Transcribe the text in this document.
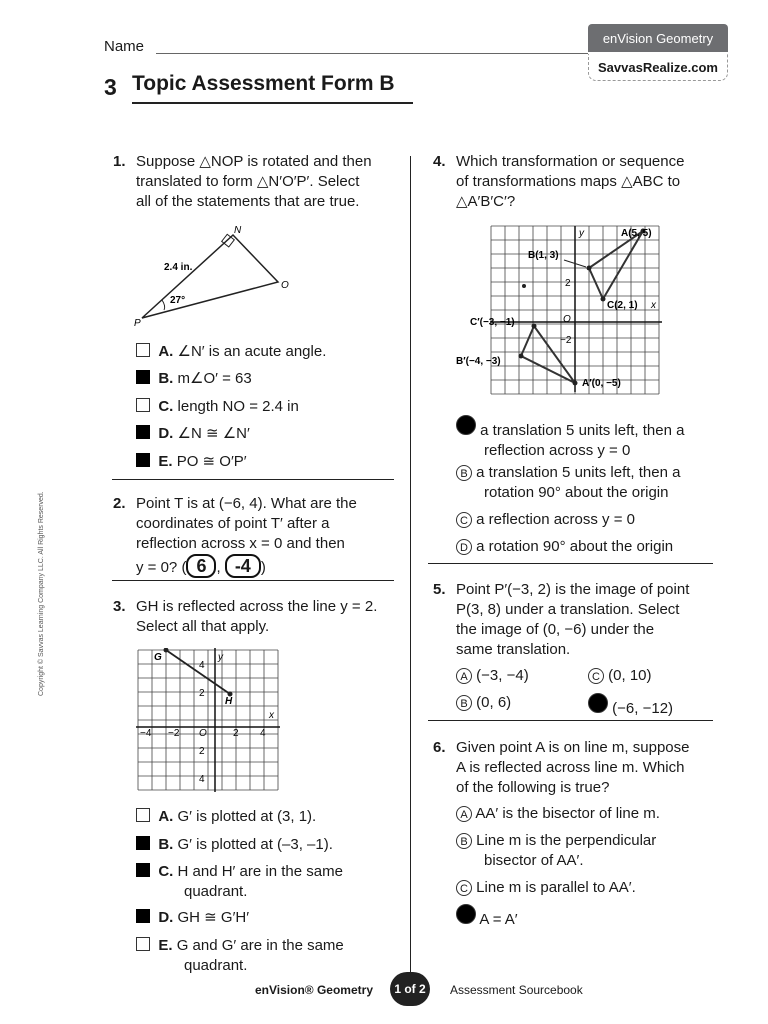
Name	enVision Geometry
SavvasRealize.com
3 Topic Assessment Form B
1. Suppose △NOP is rotated and then
translated to form △N′O′P′. Select
all of the statements that are true.
N
O
P
2.4 in.
27°
A. ∠N′ is an acute angle.
B. m∠O′ = 63
C. length NO = 2.4 in
D. ∠N ≅ ∠N′
E. PO ≅ O′P′
2. Point T is at (−6, 4). What are the
coordinates of point T′ after a
reflection across x = 0 and then
y = 0? ( 6 , -4 )
3. GH is reflected across the line y = 2.
Select all that apply.
G
H
x
y
O
−4 −2	2 4
4
2
2
4
A. G′ is plotted at (3, 1).
B. G′ is plotted at (–3, –1).
C. H and H′ are in the same
quadrant.
D. GH ≅ G′H′
E. G and G′ are in the same
quadrant.
4. Which transformation or sequence
of transformations maps △ABC to
△A′B′C′?
A(5, 5)
B(1, 3)
C(2, 1)
A′(0, −5)
B′(−4, −3)
C′(−3, −1)
x
y
O
2
−2
a translation 5 units left, then a
reflection across y = 0
B a translation 5 units left, then a
rotation 90° about the origin
C a reflection across y = 0
D a rotation 90° about the origin
5. Point P′(−3, 2) is the image of point
P(3, 8) under a translation. Select
the image of (0, −6) under the
same translation.
A (−3, −4)	C (0, 10)
B (0, 6)	(−6, −12)
6. Given point A is on line m, suppose
A is reflected across line m. Which
of the following is true?
A AA′ is the bisector of line m.
B Line m is the perpendicular
bisector of AA′.
C Line m is parallel to AA′.
A = A′
Copyright © Savvas Learning Company LLC. All Rights Reserved.
enVision® Geometry	1 of 2	Assessment Sourcebook
